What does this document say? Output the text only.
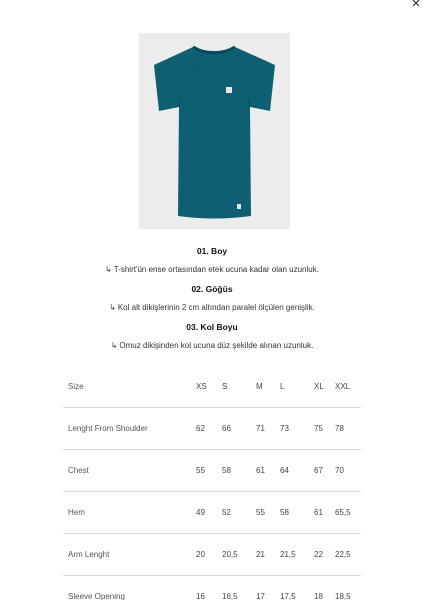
01. Boy
↳ T-shirt'ün ense ortasından etek ucuna kadar olan uzunluk.
02. Göğüs
↳ Kol alt dikişlerinin 2 cm altından paralel ölçülen genişlik.
03. Kol Boyu
↳ Omuz dikişinden kol ucuna düz şekilde alınan uzunluk.
Size	XS	S	M	L	XL	XXL
Lenght From Shoulder	62	66	71	73	75	78
Chest	55	58	61	64	67	70
Hem	49	52	55	58	61	65,5
Arm Lenght	20	20,5	21	21,5	22	22,5
Sleeve Opening	16	16,5	17	17,5	18	18,5
